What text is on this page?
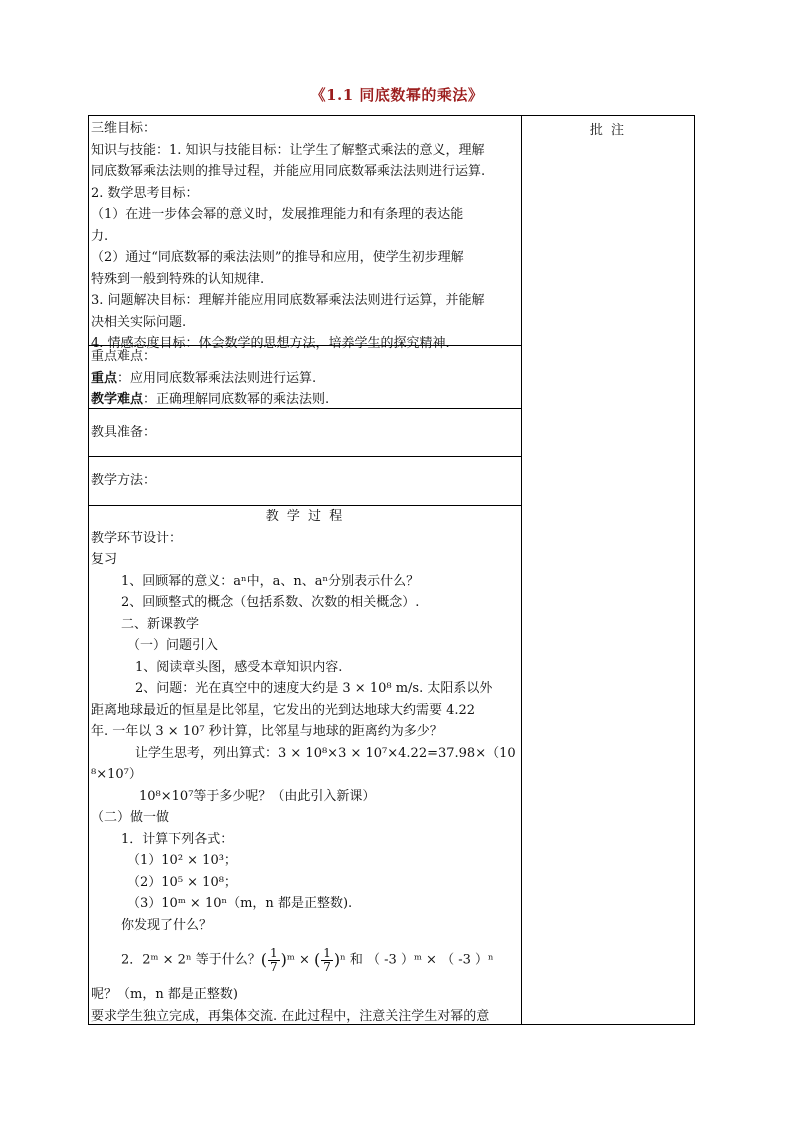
《1.1 同底数幂的乘法》
批 注

三维目标：

知识与技能：1. 知识与技能目标：让学生了解整式乘法的意义，理解

同底数幂乘法法则的推导过程，并能应用同底数幂乘法法则进行运算.

2. 数学思考目标：

（1）在进一步体会幂的意义时，发展推理能力和有条理的表达能

力.

（2）通过“同底数幂的乘法法则”的推导和应用，使学生初步理解

特殊到一般到特殊的认知规律.

3. 问题解决目标：理解并能应用同底数幂乘法法则进行运算，并能解

决相关实际问题.

4. 情感态度目标：体会数学的思想方法，培养学生的探究精神.

重点难点：

重点：应用同底数幂乘法法则进行运算.

教学难点：正确理解同底数幂的乘法法则.

教具准备：

教学方法：

教 学 过 程

教学环节设计：

复习

1、回顾幂的意义：aⁿ中，a、n、aⁿ分别表示什么？

2、回顾整式的概念（包括系数、次数的相关概念）.

二、新课教学

（一）问题引入

1、阅读章头图，感受本章知识内容.

2、问题：光在真空中的速度大约是 3 × 10⁸ m/s. 太阳系以外

距离地球最近的恒星是比邻星，它发出的光到达地球大约需要 4.22

年. 一年以 3 × 10⁷ 秒计算，比邻星与地球的距离约为多少？

让学生思考，列出算式：3 × 10⁸×3 × 10⁷×4.22=37.98×（10

⁸×10⁷）

10⁸×10⁷等于多少呢？（由此引入新课）

（二）做一做

1．计算下列各式：

（1）10² × 10³；

（2）10⁵ × 10⁸；

（3）10ᵐ × 10ⁿ（m，n 都是正整数).

你发现了什么？

2．2ᵐ × 2ⁿ 等于什么？( $\frac{1}{7}$ )ᵐ × ( $\frac{1}{7} )^n$ 和 （ -3 ）ᵐ × （ -3 ）ⁿ

呢？（m，n 都是正整数)

要求学生独立完成，再集体交流. 在此过程中，注意关注学生对幂的意
